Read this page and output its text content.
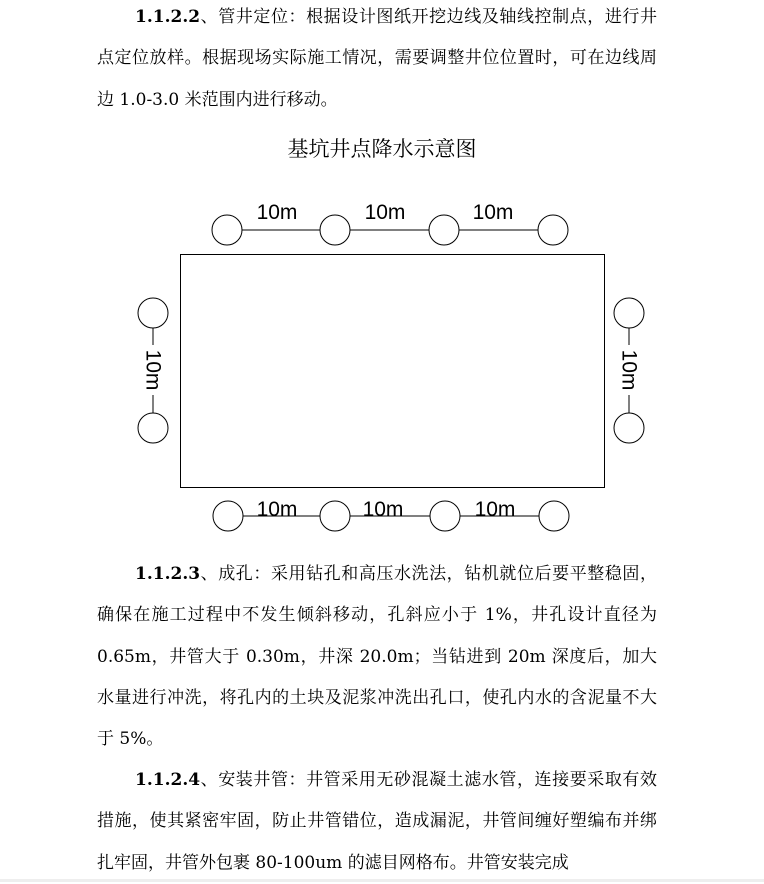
1.1.2.2、管井定位：根据设计图纸开挖边线及轴线控制点，进行井点定位放样。根据现场实际施工情况，需要调整井位位置时，可在边线周边 1.0-3.0 米范围内进行移动。

基坑井点降水示意图
10m	10m	10m
10m	10m	10m
10m	10m

1.1.2.3、成孔：采用钻孔和高压水洗法，钻机就位后要平整稳固，确保在施工过程中不发生倾斜移动，孔斜应小于 1%，井孔设计直径为 0.65m，井管大于 0.30m，井深 20.0m；当钻进到 20m 深度后，加大水量进行冲洗，将孔内的土块及泥浆冲洗出孔口，使孔内水的含泥量不大于 5%。

1.1.2.4、安装井管：井管采用无砂混凝土滤水管，连接要采取有效措施，使其紧密牢固，防止井管错位，造成漏泥，井管间缠好塑编布并绑扎牢固，井管外包裹 80-100um 的滤目网格布。井管安装完成
